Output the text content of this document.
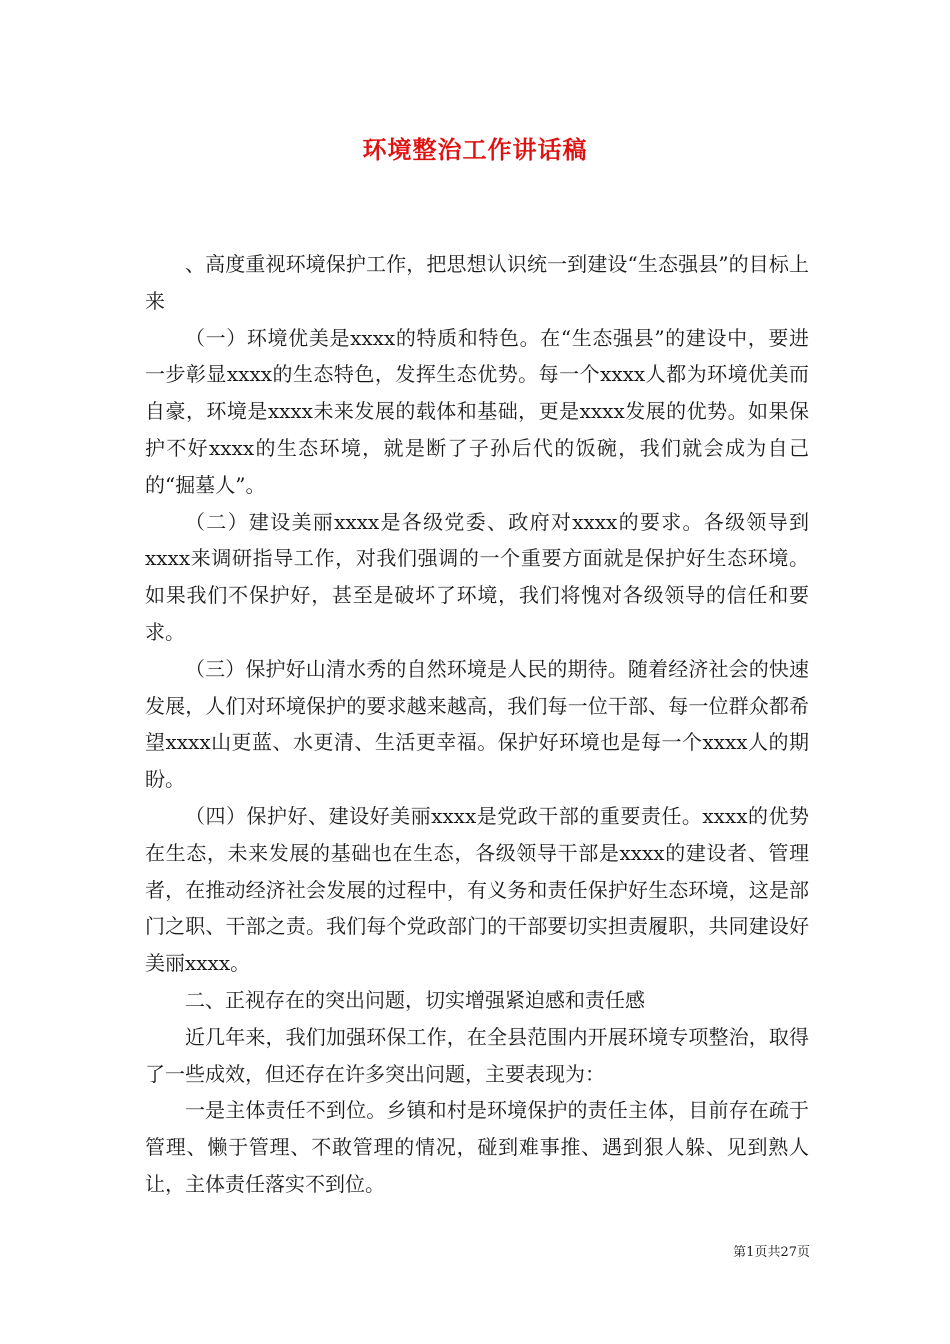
环境整治工作讲话稿

、高度重视环境保护工作，把思想认识统一到建设“生态强县”的目标上来

（一）环境优美是xxxx的特质和特色。在“生态强县”的建设中，要进一步彰显xxxx的生态特色，发挥生态优势。每一个xxxx人都为环境优美而自豪，环境是xxxx未来发展的载体和基础，更是xxxx发展的优势。如果保护不好xxxx的生态环境，就是断了子孙后代的饭碗，我们就会成为自己的“掘墓人”。

（二）建设美丽xxxx是各级党委、政府对xxxx的要求。各级领导到xxxx来调研指导工作，对我们强调的一个重要方面就是保护好生态环境。如果我们不保护好，甚至是破坏了环境，我们将愧对各级领导的信任和要求。

（三）保护好山清水秀的自然环境是人民的期待。随着经济社会的快速发展，人们对环境保护的要求越来越高，我们每一位干部、每一位群众都希望xxxx山更蓝、水更清、生活更幸福。保护好环境也是每一个xxxx人的期盼。

（四）保护好、建设好美丽xxxx是党政干部的重要责任。xxxx的优势在生态，未来发展的基础也在生态，各级领导干部是xxxx的建设者、管理者，在推动经济社会发展的过程中，有义务和责任保护好生态环境，这是部门之职、干部之责。我们每个党政部门的干部要切实担责履职，共同建设好美丽xxxx。

二、正视存在的突出问题，切实增强紧迫感和责任感

近几年来，我们加强环保工作，在全县范围内开展环境专项整治，取得了一些成效，但还存在许多突出问题，主要表现为：

一是主体责任不到位。乡镇和村是环境保护的责任主体，目前存在疏于管理、懒于管理、不敢管理的情况，碰到难事推、遇到狠人躲、见到熟人让，主体责任落实不到位。

第1页共27页
